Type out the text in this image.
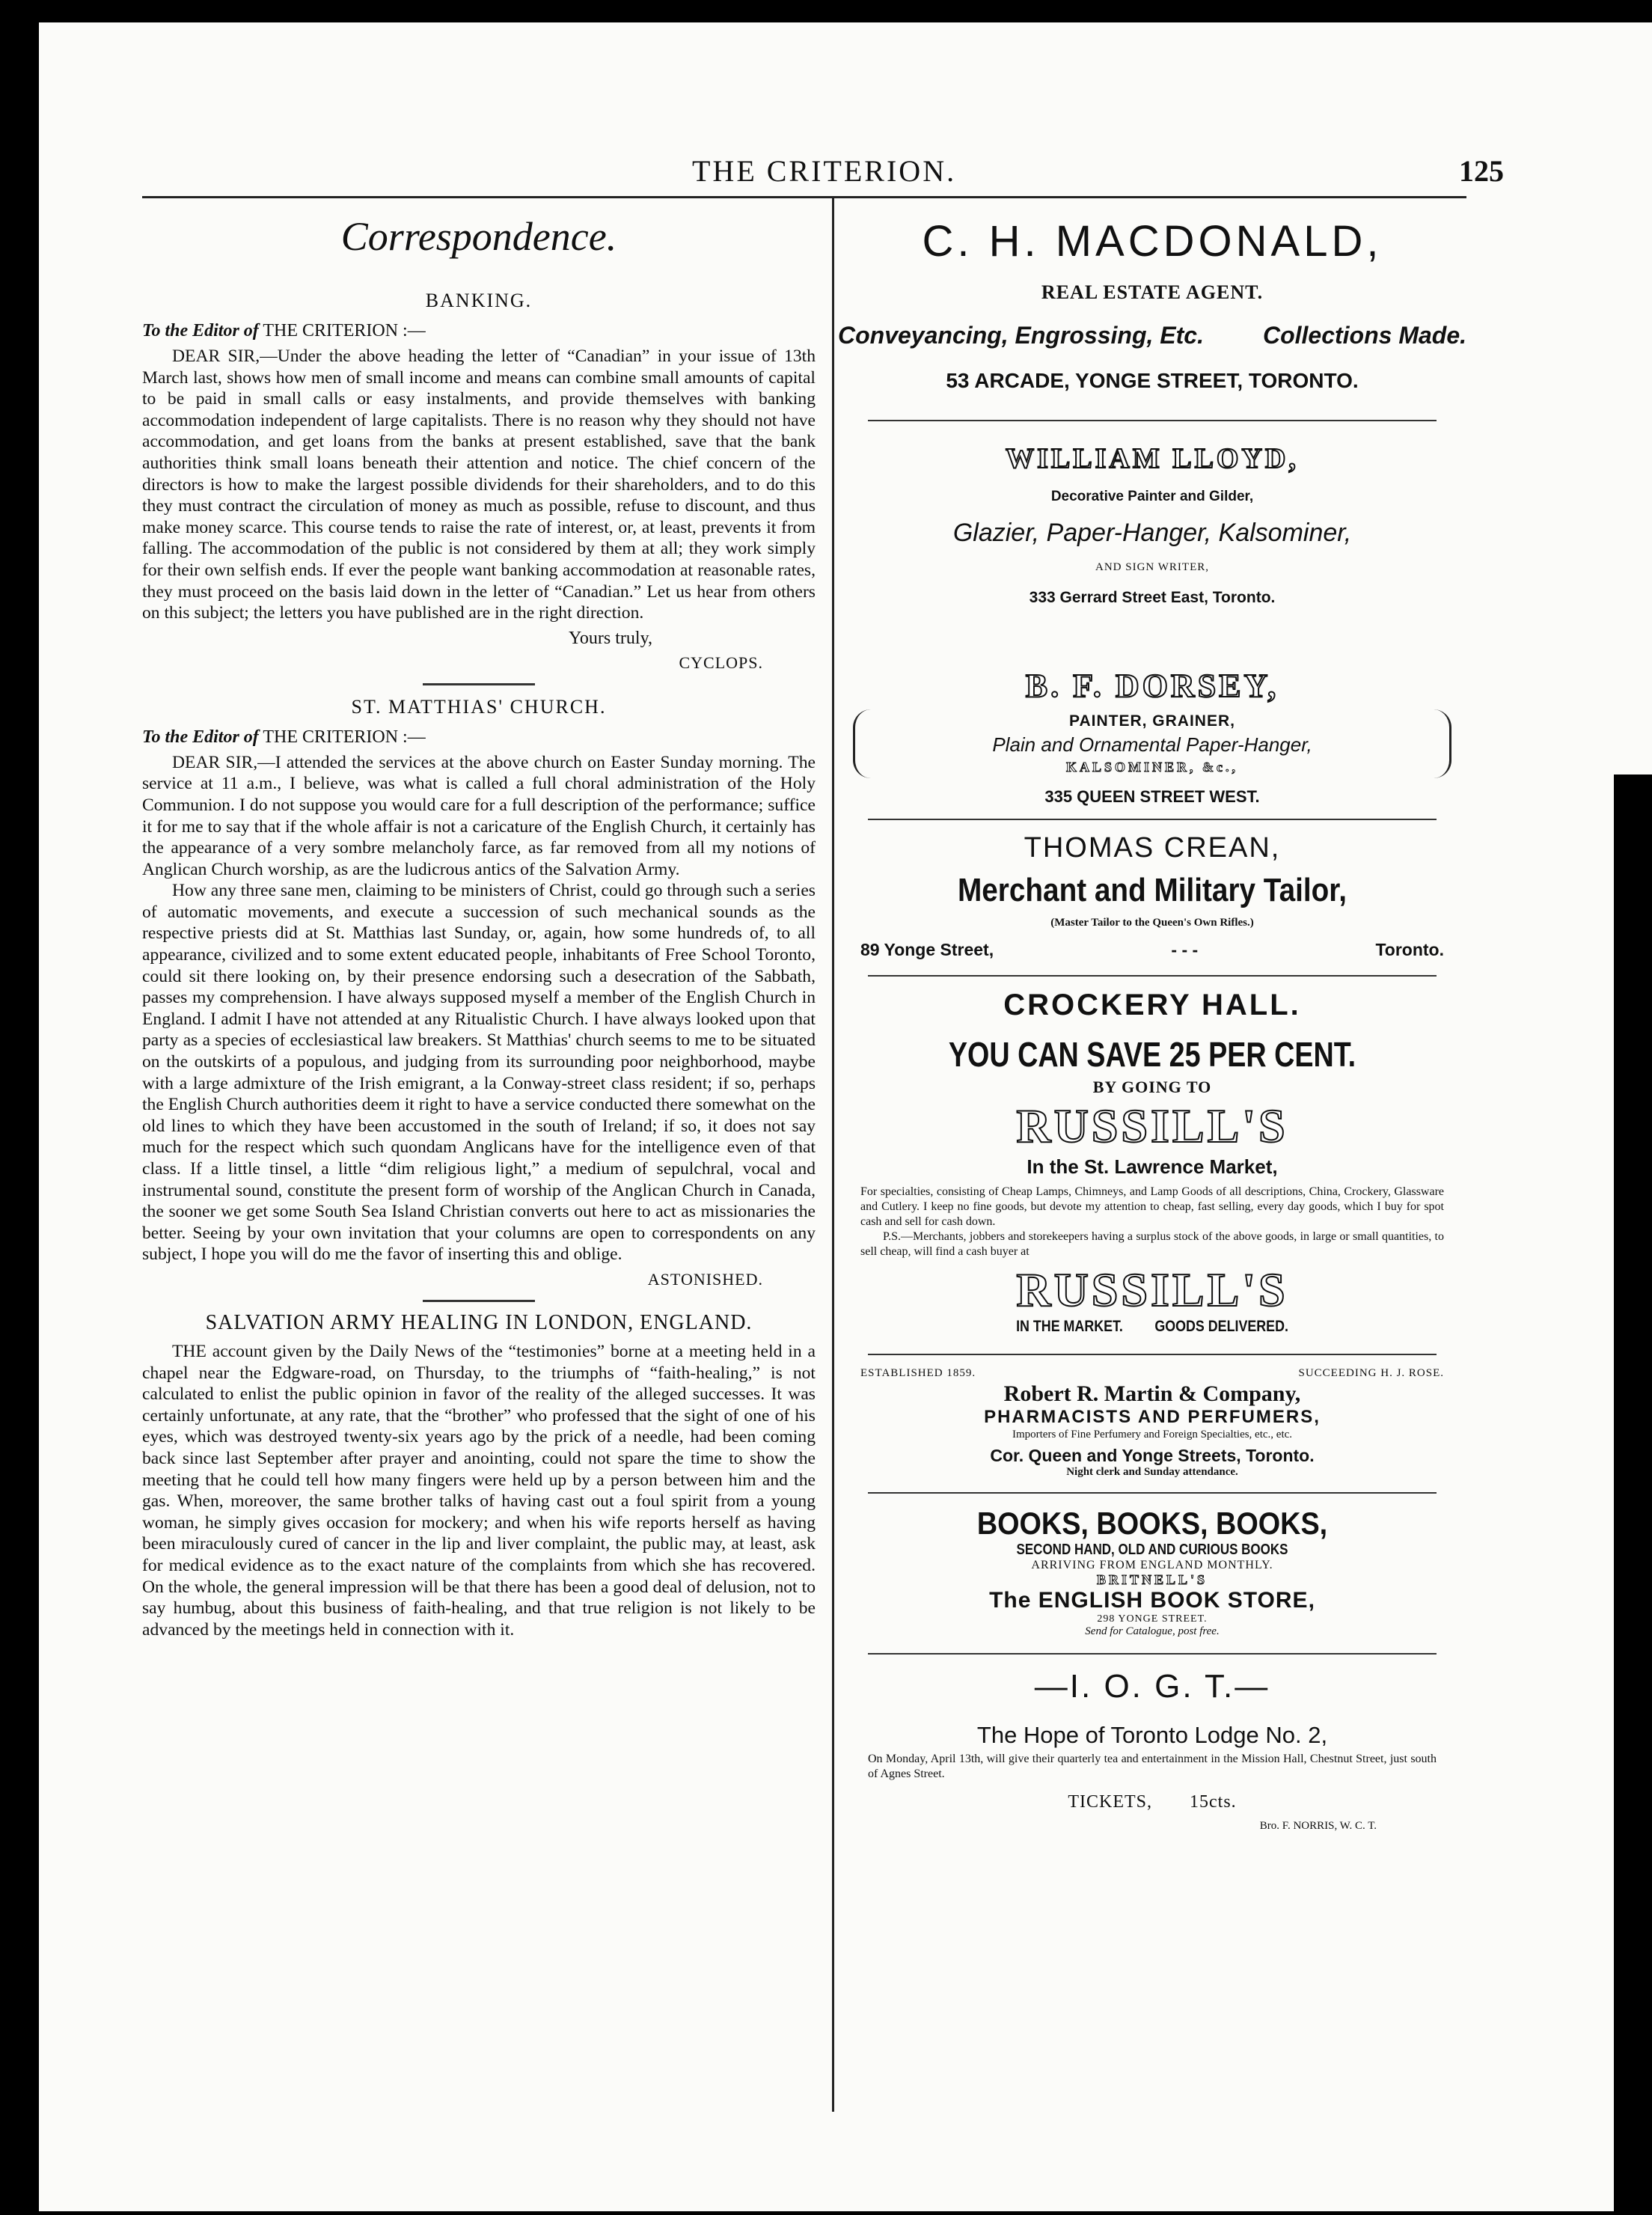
THE CRITERION.	125
Correspondence.
BANKING.
To the Editor of THE CRITERION :—

DEAR SIR,—Under the above heading the letter of “Canadian” in your issue of 13th March last, shows how men of small income and means can combine small amounts of capital to be paid in small calls or easy instalments, and provide themselves with banking accommodation independent of large capitalists. There is no reason why they should not have accommodation, and get loans from the banks at present established, save that the bank authorities think small loans beneath their attention and notice. The chief concern of the directors is how to make the largest possible dividends for their shareholders, and to do this they must contract the circulation of money as much as possible, refuse to discount, and thus make money scarce. This course tends to raise the rate of interest, or, at least, prevents it from falling. The accommodation of the public is not considered by them at all; they work simply for their own selfish ends. If ever the people want banking accommodation at reasonable rates, they must proceed on the basis laid down in the letter of “Canadian.” Let us hear from others on this subject; the letters you have published are in the right direction.

Yours truly,
CYCLOPS.
ST. MATTHIAS' CHURCH.
To the Editor of THE CRITERION :—

DEAR SIR,—I attended the services at the above church on Easter Sunday morning. The service at 11 a.m., I believe, was what is called a full choral administration of the Holy Communion. I do not suppose you would care for a full description of the performance; suffice it for me to say that if the whole affair is not a caricature of the English Church, it certainly has the appearance of a very sombre melancholy farce, as far removed from all my notions of Anglican Church worship, as are the ludicrous antics of the Salvation Army.

How any three sane men, claiming to be ministers of Christ, could go through such a series of automatic movements, and execute a succession of such mechanical sounds as the respective priests did at St. Matthias last Sunday, or, again, how some hundreds of, to all appearance, civilized and to some extent educated people, inhabitants of Free School Toronto, could sit there looking on, by their presence endorsing such a desecration of the Sabbath, passes my comprehension. I have always supposed myself a member of the English Church in England. I admit I have not attended at any Ritualistic Church. I have always looked upon that party as a species of ecclesiastical law breakers. St Matthias' church seems to me to be situated on the outskirts of a populous, and judging from its surrounding poor neighborhood, maybe with a large admixture of the Irish emigrant, a la Conway-street class resident; if so, perhaps the English Church authorities deem it right to have a service conducted there somewhat on the old lines to which they have been accustomed in the south of Ireland; if so, it does not say much for the respect which such quondam Anglicans have for the intelligence even of that class. If a little tinsel, a little “dim religious light,” a medium of sepulchral, vocal and instrumental sound, constitute the present form of worship of the Anglican Church in Canada, the sooner we get some South Sea Island Christian converts out here to act as missionaries the better. Seeing by your own invitation that your columns are open to correspondents on any subject, I hope you will do me the favor of inserting this and oblige.

ASTONISHED.
SALVATION ARMY HEALING IN LONDON, ENGLAND.

THE account given by the Daily News of the “testimonies” borne at a meeting held in a chapel near the Edgware-road, on Thursday, to the triumphs of “faith-healing,” is not calculated to enlist the public opinion in favor of the reality of the alleged successes. It was certainly unfortunate, at any rate, that the “brother” who professed that the sight of one of his eyes, which was destroyed twenty-six years ago by the prick of a needle, had been coming back since last September after prayer and anointing, could not spare the time to show the meeting that he could tell how many fingers were held up by a person between him and the gas. When, moreover, the same brother talks of having cast out a foul spirit from a young woman, he simply gives occasion for mockery; and when his wife reports herself as having been miraculously cured of cancer in the lip and liver complaint, the public may, at least, ask for medical evidence as to the exact nature of the complaints from which she has recovered. On the whole, the general impression will be that there has been a good deal of delusion, not to say humbug, about this business of faith-healing, and that true religion is not likely to be advanced by the meetings held in connection with it.

C. H. MACDONALD,
REAL ESTATE AGENT.
Conveyancing, Engrossing, Etc. Collections Made.
53 ARCADE, YONGE STREET, TORONTO.
WILLIAM LLOYD,
Decorative Painter and Gilder,
Glazier, Paper-Hanger, Kalsominer,
AND SIGN WRITER,
333 Gerrard Street East, Toronto.
B. F. DORSEY,
PAINTER, GRAINER,
Plain and Ornamental Paper-Hanger,
KALSOMINER, &c.,
335 QUEEN STREET WEST.
THOMAS CREAN,
Merchant and Military Tailor,
(Master Tailor to the Queen's Own Rifles.)
89 Yonge Street,	- - -	Toronto.
CROCKERY HALL.
YOU CAN SAVE 25 PER CENT.
BY GOING TO
RUSSILL'S
In the St. Lawrence Market,
For specialties, consisting of Cheap Lamps, Chimneys, and Lamp Goods of all descriptions, China, Crockery, Glassware and Cutlery. I keep no fine goods, but devote my attention to cheap, fast selling, every day goods, which I buy for spot cash and sell for cash down.
P.S.—Merchants, jobbers and storekeepers having a surplus stock of the above goods, in large or small quantities, to sell cheap, will find a cash buyer at
RUSSILL'S
IN THE MARKET. GOODS DELIVERED.
ESTABLISHED 1859.	SUCCEEDING H. J. ROSE.
Robert R. Martin & Company,
PHARMACISTS AND PERFUMERS,
Importers of Fine Perfumery and Foreign Specialties, etc., etc.
Cor. Queen and Yonge Streets, Toronto.
Night clerk and Sunday attendance.
BOOKS, BOOKS, BOOKS,
SECOND HAND, OLD AND CURIOUS BOOKS
ARRIVING FROM ENGLAND MONTHLY.
BRITNELL'S
The ENGLISH BOOK STORE,
298 YONGE STREET.
Send for Catalogue, post free.
—I. O. G. T.—
The Hope of Toronto Lodge No. 2,
On Monday, April 13th, will give their quarterly tea and entertainment in the Mission Hall, Chestnut Street, just south of Agnes Street.
TICKETS, 15cts.
Bro. F. NORRIS, W. C. T.
